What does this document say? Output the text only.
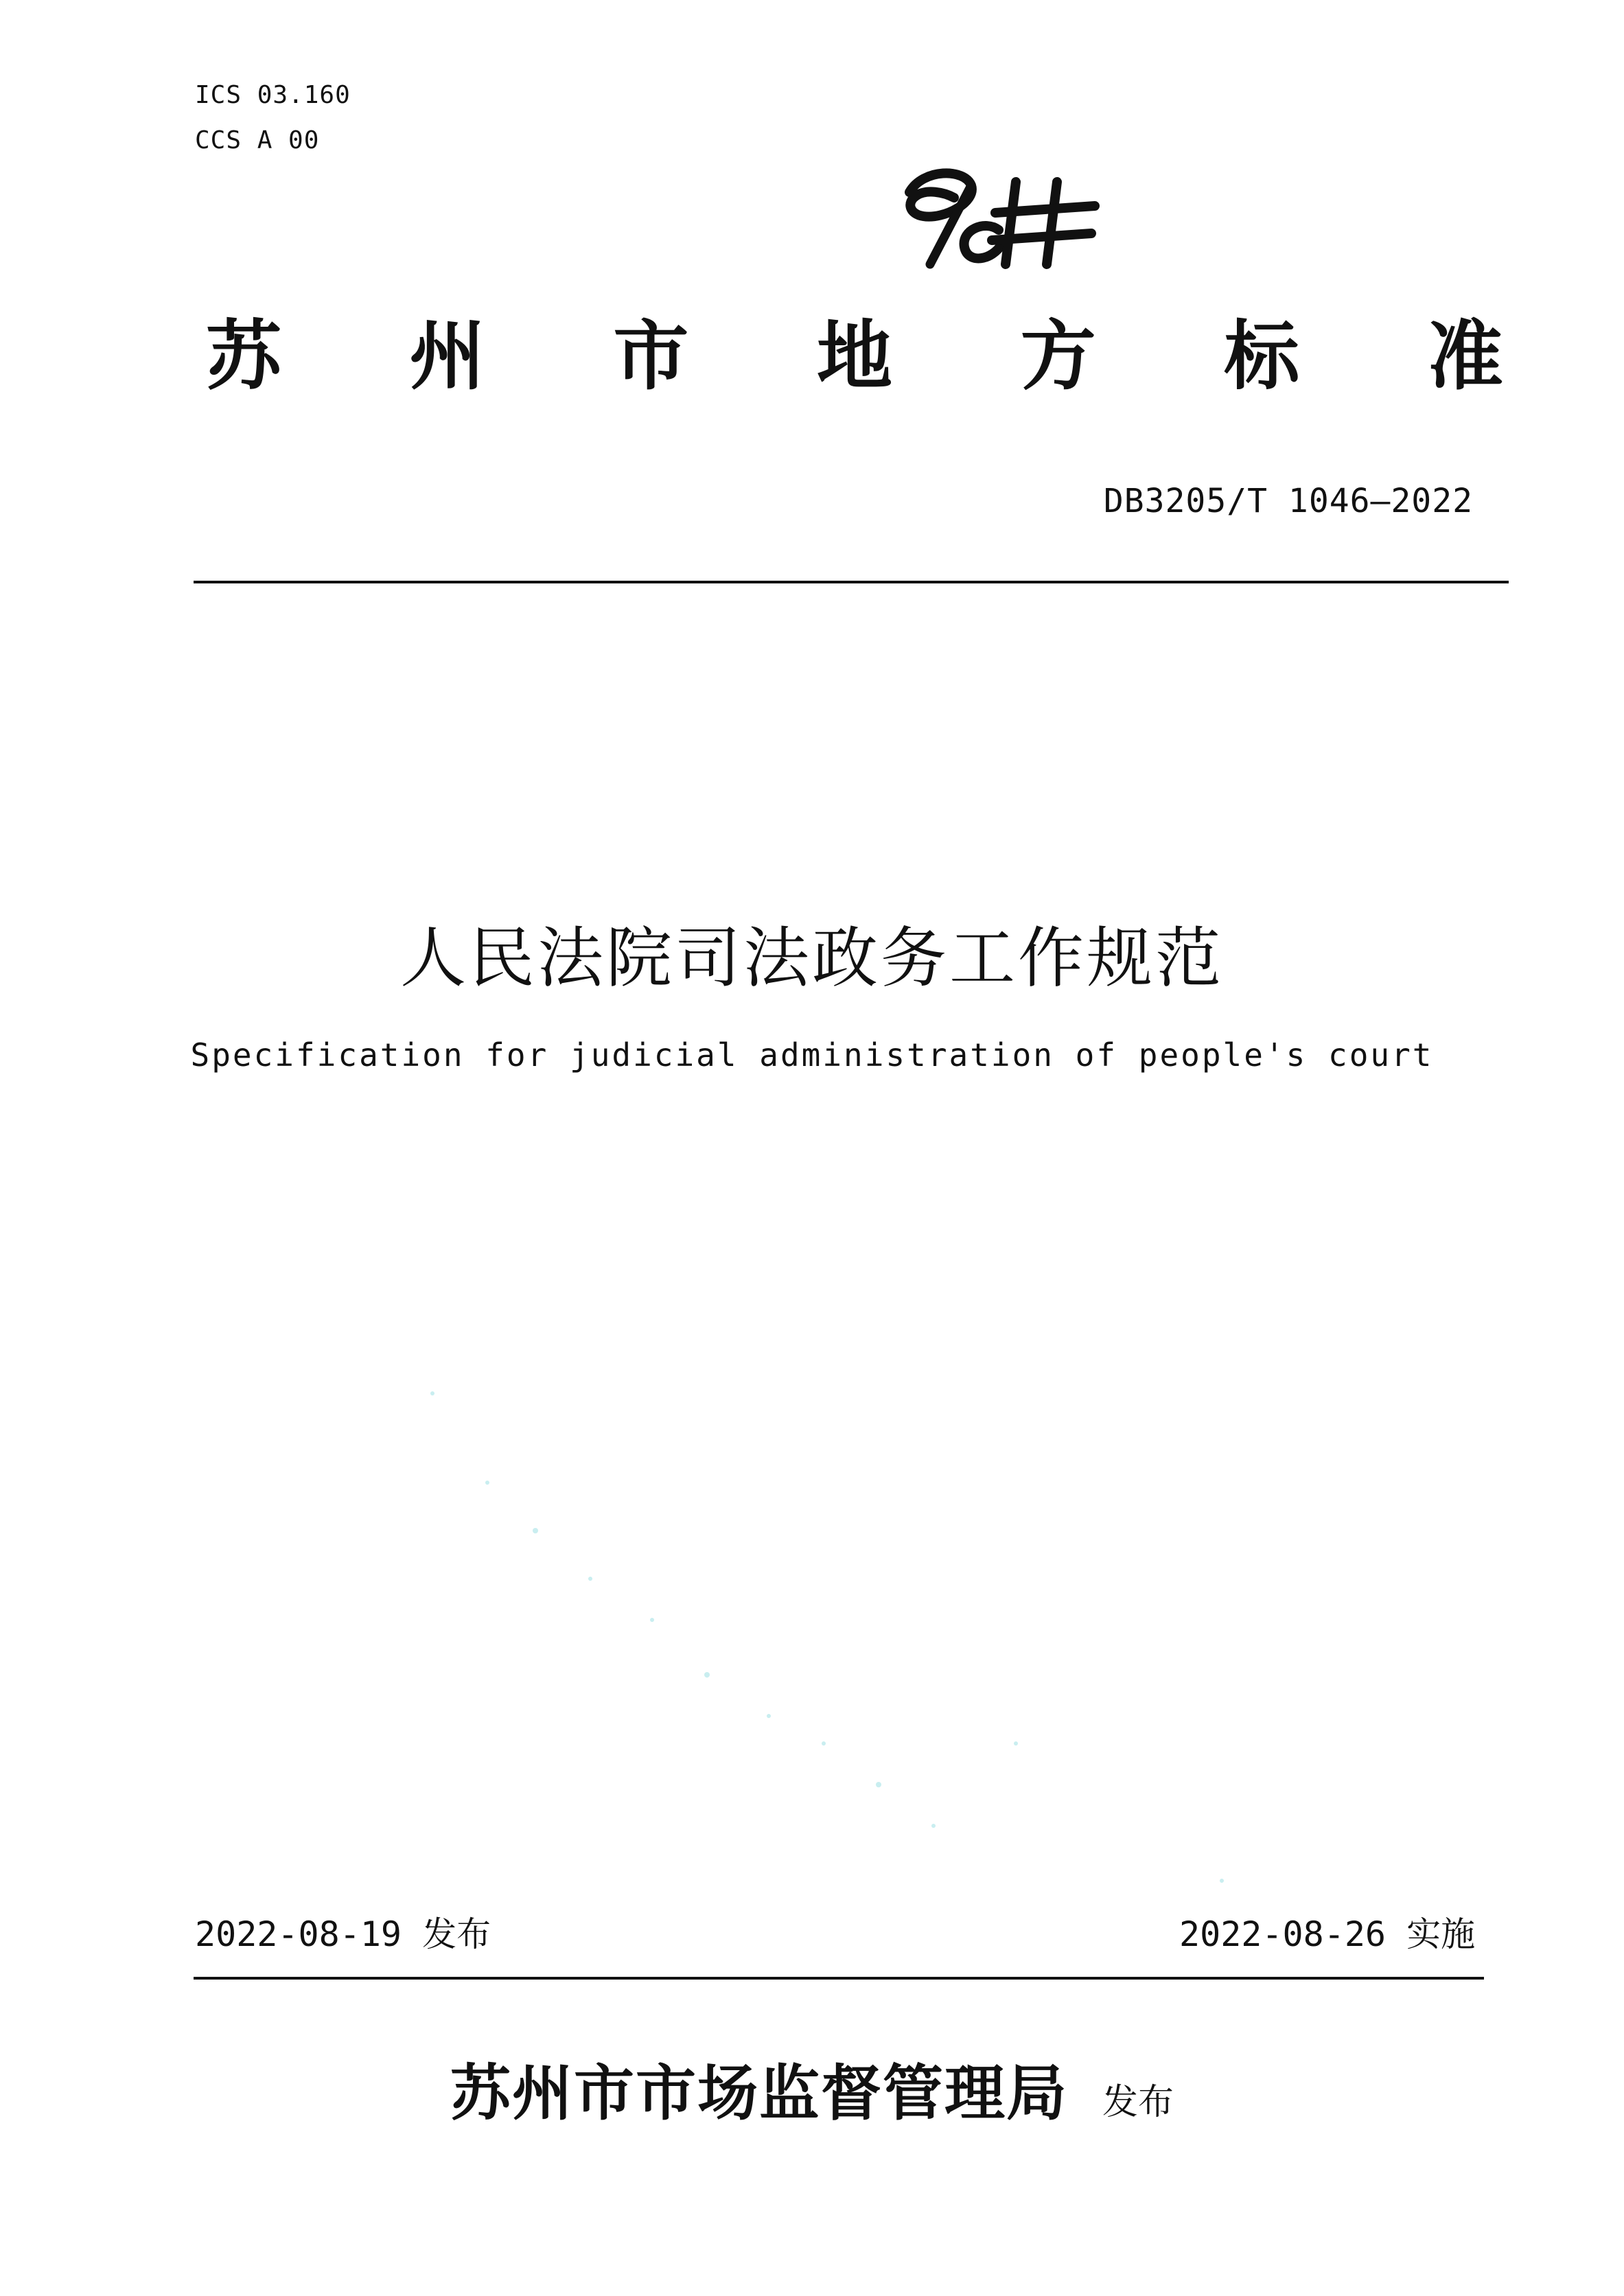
ICS 03.160
CCS A 00
苏 州 市 地 方 标 准
DB3205/T 1046—2022
人民法院司法政务工作规范
Specification for judicial administration of people's court
2022-08-19 发布	2022-08-26 实施
苏州市市场监督管理局 发布
